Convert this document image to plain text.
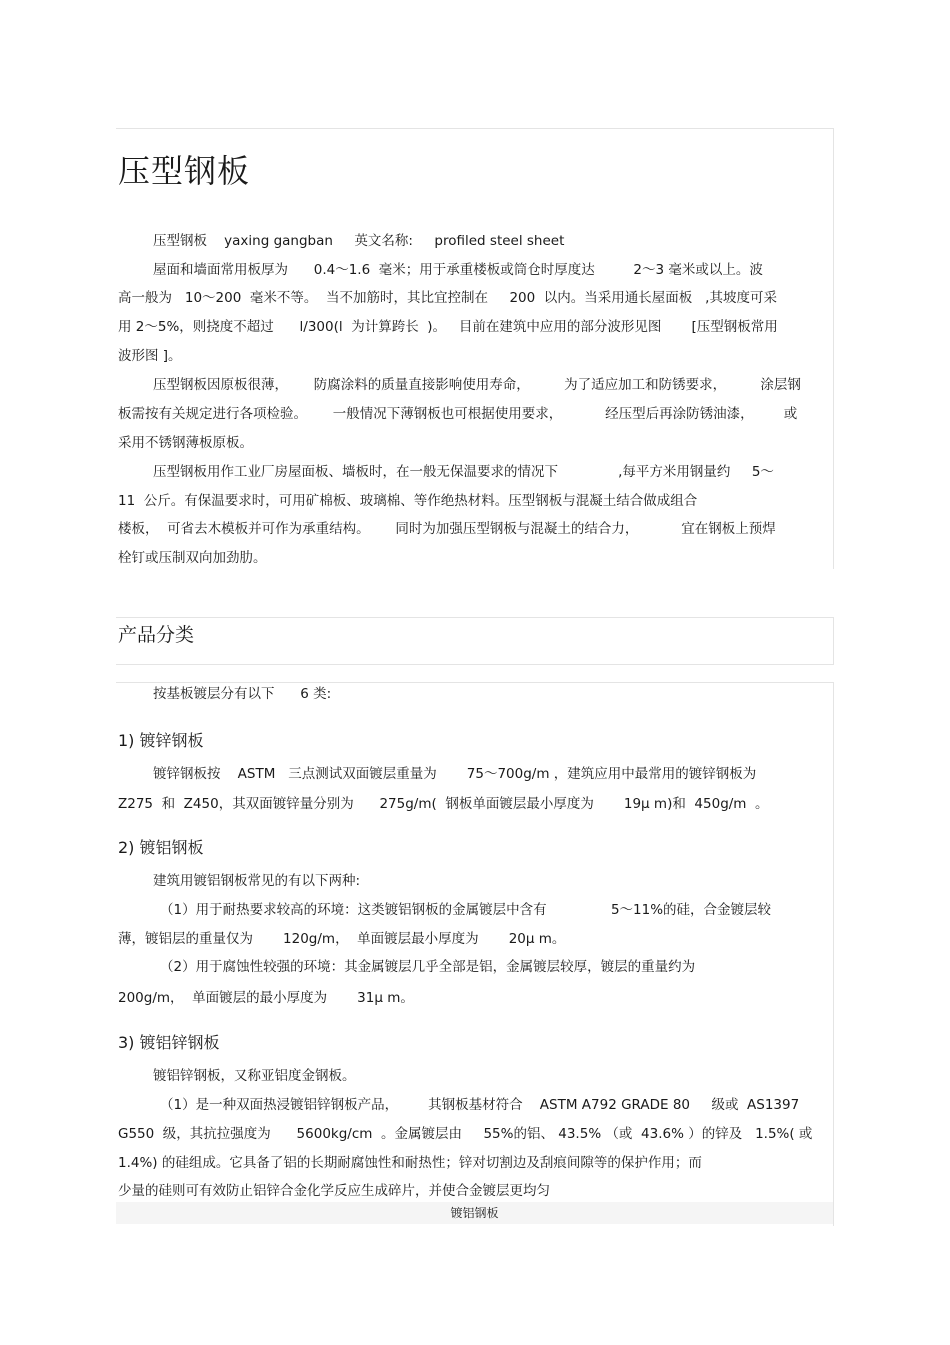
压型钢板
压型钢板    yaxing gangban     英文名称:     profiled steel sheet
屋面和墙面常用板厚为      0.4～1.6  毫米；用于承重楼板或筒仓时厚度达         2～3 毫米或以上。波
高一般为   10～200  毫米不等。  当不加筋时，其比宜控制在     200  以内。当采用通长屋面板   ,其坡度可采
用 2～5%，则挠度不超过      l/300(l  为计算跨长  )。   目前在建筑中应用的部分波形见图       [压型钢板常用
波形图 ]。
压型钢板因原板很薄，      防腐涂料的质量直接影响使用寿命，        为了适应加工和防锈要求，        涂层钢
板需按有关规定进行各项检验。      一般情况下薄钢板也可根据使用要求，          经压型后再涂防锈油漆，       或
采用不锈钢薄板原板。
压型钢板用作工业厂房屋面板、墙板时，在一般无保温要求的情况下              ,每平方米用钢量约     5～
11  公斤。有保温要求时，可用矿棉板、玻璃棉、等作绝热材料。压型钢板与混凝土结合做成组合
楼板，  可省去木模板并可作为承重结构。      同时为加强压型钢板与混凝土的结合力，          宜在钢板上预焊
栓钉或压制双向加劲肋。
产品分类
按基板镀层分有以下      6 类:
1) 镀锌钢板
镀锌钢板按    ASTM   三点测试双面镀层重量为       75～700g/m ，建筑应用中最常用的镀锌钢板为
Z275  和  Z450，其双面镀锌量分别为      275g/m(  钢板单面镀层最小厚度为       19μ m)和  450g/m  。
2) 镀铝钢板
建筑用镀铝钢板常见的有以下两种:
（1）用于耐热要求较高的环境：这类镀铝钢板的金属镀层中含有               5～11%的硅，合金镀层较
薄，镀铝层的重量仅为       120g/m，  单面镀层最小厚度为       20μ m。
（2）用于腐蚀性较强的环境：其金属镀层几乎全部是铝，金属镀层较厚，镀层的重量约为
200g/m，  单面镀层的最小厚度为       31μ m。
3) 镀铝锌钢板
镀铝锌钢板，又称亚铝度金钢板。
（1）是一种双面热浸镀铝锌钢板产品，       其钢板基材符合    ASTM A792 GRADE 80     级或  AS1397
G550  级，其抗拉强度为      5600kg/cm  。金属镀层由     55%的铝、 43.5% （或  43.6% ）的锌及   1.5%( 或
1.4%) 的硅组成。它具备了铝的长期耐腐蚀性和耐热性；锌对切割边及刮痕间隙等的保护作用；而
少量的硅则可有效防止铝锌合金化学反应生成碎片，并使合金镀层更均匀
镀铝钢板
